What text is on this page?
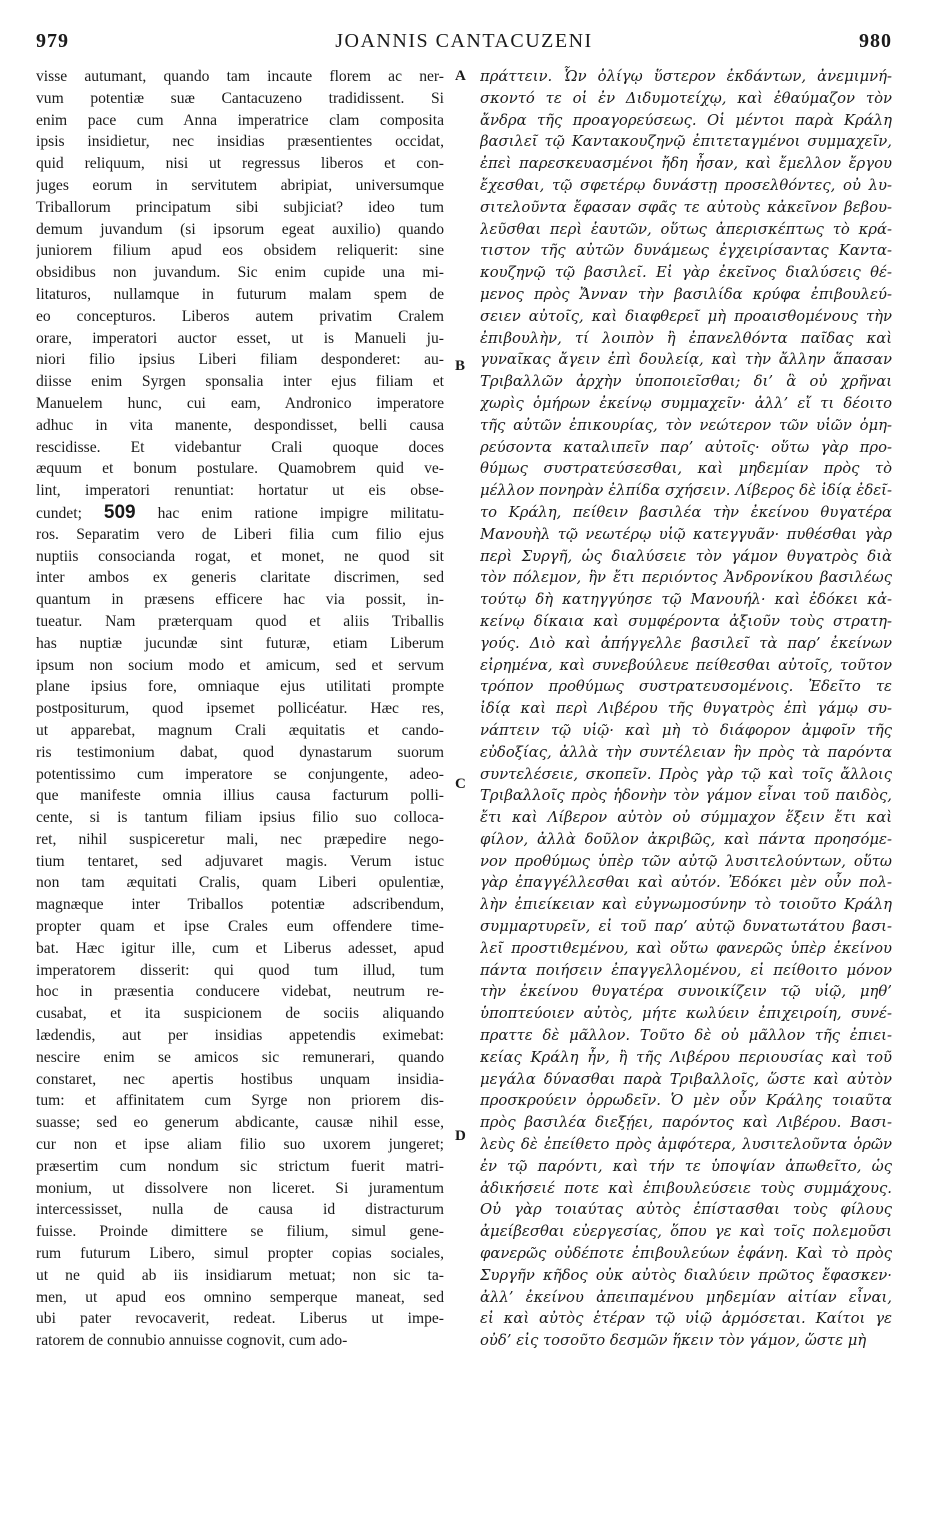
979	JOANNIS CANTACUZENI	980
visse autumant, quando tam incaute florem ac ner-
vum potentiæ suæ Cantacuzeno tradidissent. Si
enim pace cum Anna imperatrice clam composita
ipsis insidietur, nec insidias præsentientes occidat,
quid reliquum, nisi ut regressus liberos et con-
juges eorum in servitutem abripiat, universumque
Triballorum principatum sibi subjiciat? ideo tum
demum juvandum (si ipsorum egeat auxilio) quando
juniorem filium apud eos obsidem reliquerit: sine
obsidibus non juvandum. Sic enim cupide una mi-
litaturos, nullamque in futurum malam spem de
eo concepturos. Liberos autem privatim Cralem
orare, imperatori auctor esset, ut is Manueli ju-
niori filio ipsius Liberi filiam desponderet: au-
diisse enim Syrgen sponsalia inter ejus filiam et
Manuelem hunc, cui eam, Andronico imperatore
adhuc in vita manente, despondisset, belli causa
rescidisse. Et videbantur Crali quoque doces
æquum et bonum postulare. Quamobrem quid ve-
lint, imperatori renuntiat: hortatur ut eis obse-
cundet; 509 hac enim ratione impigre militatu-
ros. Separatim vero de Liberi filia cum filio ejus
nuptiis consocianda rogat, et monet, ne quod sit
inter ambos ex generis claritate discrimen, sed
quantum in præsens efficere hac via possit, in-
tueatur. Nam præterquam quod et aliis Triballis
has nuptiæ jucundæ sint futuræ, etiam Liberum
ipsum non socium modo et amicum, sed et servum
plane ipsius fore, omniaque ejus utilitati prompte
postpositurum, quod ipsemet pollicéatur. Hæc res,
ut apparebat, magnum Crali æquitatis et cando-
ris testimonium dabat, quod dynastarum suorum
potentissimo cum imperatore se conjungente, adeo-
que manifeste omnia illius causa facturum polli-
cente, si is tantum filiam ipsius filio suo colloca-
ret, nihil suspiceretur mali, nec præpedire nego-
tium tentaret, sed adjuvaret magis. Verum istuc
non tam æquitati Cralis, quam Liberi opulentiæ,
magnæque inter Triballos potentiæ adscribendum,
propter quam et ipse Crales eum offendere time-
bat. Hæc igitur ille, cum et Liberus adesset, apud
imperatorem disserit: qui quod tum illud, tum
hoc in præsentia conducere videbat, neutrum re-
cusabat, et ita suspicionem de sociis aliquando
lædendis, aut per insidias appetendis eximebat:
nescire enim se amicos sic remunerari, quando
constaret, nec apertis hostibus unquam insidia-
tum: et affinitatem cum Syrge non priorem dis-
suasse; sed eo generum abdicante, causæ nihil esse,
cur non et ipse aliam filio suo uxorem jungeret;
præsertim cum nondum sic strictum fuerit matri-
monium, ut dissolvere non liceret. Si juramentum
intercessisset, nulla de causa id distracturum
fuisse. Proinde dimittere se filium, simul gene-
rum futurum Libero, simul propter copias sociales,
ut ne quid ab iis insidiarum metuat; non sic ta-
men, ut apud eos omnino semperque maneat, sed
ubi pater revocaverit, redeat. Liberus ut impe-
ratorem de connubio annuisse cognovit, cum ado-
πράττειν. Ὧν ὀλίγῳ ὕστερον ἐκδάντων, ἀνεμιμνή-
σκοντό τε οἱ ἐν Διδυμοτείχῳ, καὶ ἐθαύμαζον τὸν
ἄνδρα τῆς προαγορεύσεως. Οἱ μέντοι παρὰ Κράλη
βασιλεῖ τῷ Καντακουζηνῷ ἐπιτεταγμένοι συμμαχεῖν,
ἐπεὶ παρεσκευασμένοι ἤδη ἦσαν, καὶ ἔμελλον ἔργου
ἔχεσθαι, τῷ σφετέρῳ δυνάστῃ προσελθόντες, οὐ λυ-
σιτελοῦντα ἔφασαν σφᾶς τε αὐτοὺς κἀκεῖνον βεβου-
λεῦσθαι περὶ ἑαυτῶν, οὕτως ἀπερισκέπτως τὸ κρά-
τιστον τῆς αὐτῶν δυνάμεως ἐγχειρίσαντας Καντα-
κουζηνῷ τῷ βασιλεῖ. Εἰ γὰρ ἐκεῖνος διαλύσεις θέ-
μενος πρὸς Ἄνναν τὴν βασιλίδα κρύφα ἐπιβουλεύ-
σειεν αὐτοῖς, καὶ διαφθερεῖ μὴ προαισθομένους τὴν
ἐπιβουλὴν, τί λοιπὸν ἢ ἐπανελθόντα παῖδας καὶ
γυναῖκας ἄγειν ἐπὶ δουλείᾳ, καὶ τὴν ἄλλην ἅπασαν
Τριβαλλῶν ἀρχὴν ὑποποιεῖσθαι; δι’ ἃ οὐ χρῆναι
χωρὶς ὁμήρων ἐκείνῳ συμμαχεῖν· ἀλλ’ εἴ τι δέοιτο
τῆς αὐτῶν ἐπικουρίας, τὸν νεώτερον τῶν υἱῶν ὁμη-
ρεύσοντα καταλιπεῖν παρ’ αὐτοῖς· οὕτω γὰρ προ-
θύμως συστρατεύσεσθαι, καὶ μηδεμίαν πρὸς τὸ
μέλλον πονηρὰν ἐλπίδα σχήσειν. Λίβερος δὲ ἰδίᾳ ἐδεῖ-
το Κράλη, πείθειν βασιλέα τὴν ἐκείνου θυγατέρα
Μανουὴλ τῷ νεωτέρῳ υἱῷ κατεγγυᾶν· πυθέσθαι γὰρ
περὶ Συργῆ, ὡς διαλύσειε τὸν γάμον θυγατρὸς διὰ
τὸν πόλεμον, ἣν ἔτι περιόντος Ἀνδρονίκου βασιλέως
τούτῳ δὴ κατηγγύησε τῷ Μανουήλ· καὶ ἐδόκει κἀ-
κείνῳ δίκαια καὶ συμφέροντα ἀξιοῦν τοὺς στρατη-
γούς. Διὸ καὶ ἀπήγγελλε βασιλεῖ τὰ παρ’ ἐκείνων
εἰρημένα, καὶ συνεβούλευε πείθεσθαι αὐτοῖς, τοῦτον
τρόπον προθύμως συστρατευσομένοις. Ἐδεῖτο τε
ἰδίᾳ καὶ περὶ Λιβέρου τῆς θυγατρὸς ἐπὶ γάμῳ συ-
νάπτειν τῷ υἱῷ· καὶ μὴ τὸ διάφορον ἀμφοῖν τῆς
εὐδοξίας, ἀλλὰ τὴν συντέλειαν ἣν πρὸς τὰ παρόντα
συντελέσειε, σκοπεῖν. Πρὸς γὰρ τῷ καὶ τοῖς ἄλλοις
Τριβαλλοῖς πρὸς ἡδονὴν τὸν γάμον εἶναι τοῦ παιδὸς,
ἔτι καὶ Λίβερον αὐτὸν οὐ σύμμαχον ἕξειν ἔτι καὶ
φίλον, ἀλλὰ δοῦλον ἀκριβῶς, καὶ πάντα προησόμε-
νον προθύμως ὑπὲρ τῶν αὐτῷ λυσιτελούντων, οὕτω
γὰρ ἐπαγγέλλεσθαι καὶ αὐτόν. Ἐδόκει μὲν οὖν πολ-
λὴν ἐπιείκειαν καὶ εὐγνωμοσύνην τὸ τοιοῦτο Κράλη
συμμαρτυρεῖν, εἰ τοῦ παρ’ αὐτῷ δυνατωτάτου βασι-
λεῖ προστιθεμένου, καὶ οὕτω φανερῶς ὑπὲρ ἐκείνου
πάντα ποιήσειν ἐπαγγελλομένου, εἰ πείθοιτο μόνον
τὴν ἐκείνου θυγατέρα συνοικίζειν τῷ υἱῷ, μηθ’
ὑποπτεύοιεν αὐτὸς, μήτε κωλύειν ἐπιχειροίη, συνέ-
πραττε δὲ μᾶλλον. Τοῦτο δὲ οὐ μᾶλλον τῆς ἐπιει-
κείας Κράλη ἦν, ἢ τῆς Λιβέρου περιουσίας καὶ τοῦ
μεγάλα δύνασθαι παρὰ Τριβαλλοῖς, ὥστε καὶ αὐτὸν
προσκρούειν ὀρρωδεῖν. Ὁ μὲν οὖν Κράλης τοιαῦτα
πρὸς βασιλέα διεξῄει, παρόντος καὶ Λιβέρου. Βασι-
λεὺς δὲ ἐπείθετο πρὸς ἀμφότερα, λυσιτελοῦντα ὁρῶν
ἐν τῷ παρόντι, καὶ τήν τε ὑποψίαν ἀπωθεῖτο, ὡς
ἀδικήσειέ ποτε καὶ ἐπιβουλεύσειε τοὺς συμμάχους.
Οὐ γὰρ τοιαύτας αὐτὸς ἐπίστασθαι τοὺς φίλους
ἀμείβεσθαι εὐεργεσίας, ὅπου γε καὶ τοῖς πολεμοῦσι
φανερῶς οὐδέποτε ἐπιβουλεύων ἐφάνη. Καὶ τὸ πρὸς
Συργῆν κῆδος οὐκ αὐτὸς διαλύειν πρῶτος ἔφασκεν·
ἀλλ’ ἐκείνου ἀπειπαμένου μηδεμίαν αἰτίαν εἶναι,
εἰ καὶ αὐτὸς ἑτέραν τῷ υἱῷ ἁρμόσεται. Καίτοι γε
οὐδ’ εἰς τοσοῦτο δεσμῶν ἥκειν τὸν γάμον, ὥστε μὴ
A
B
C
D
